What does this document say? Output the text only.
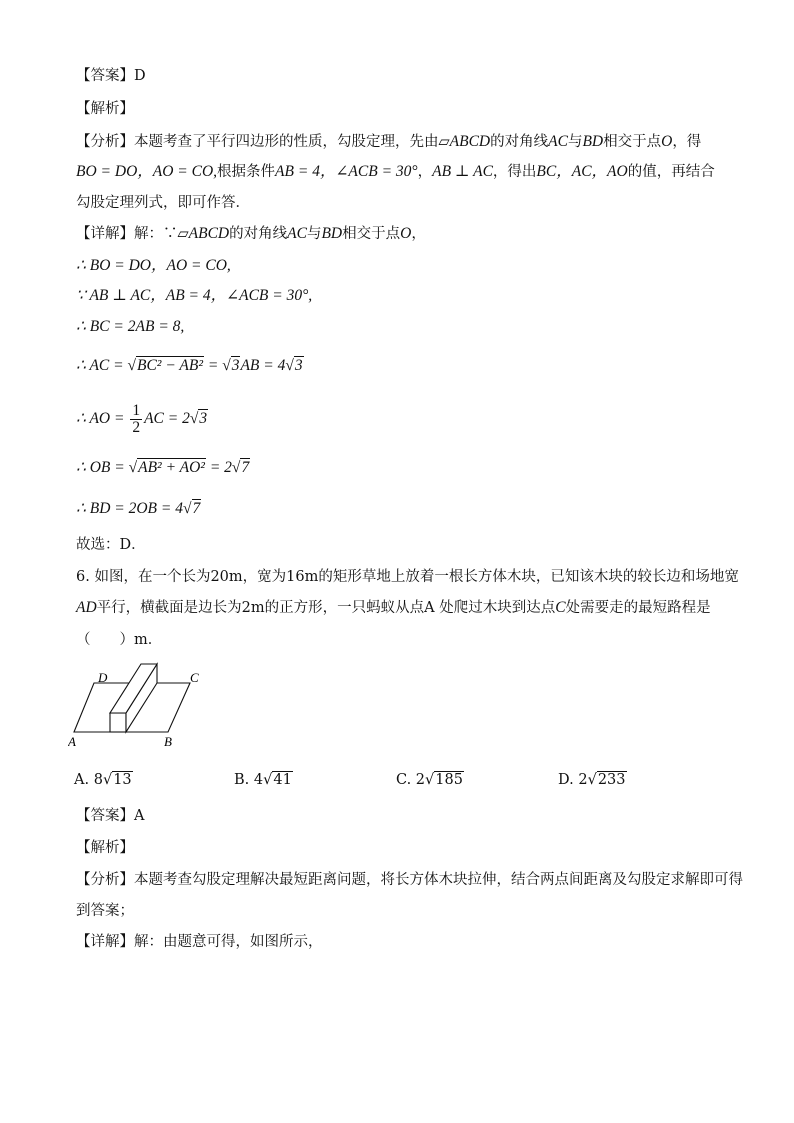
【答案】D

【解析】

【分析】本题考查了平行四边形的性质，勾股定理，先由▱ABCD的对角线AC与BD相交于点O，得

BO = DO，AO = CO,根据条件AB = 4，∠ACB = 30°，AB ⊥ AC，得出BC，AC，AO的值，再结合

勾股定理列式，即可作答．

【详解】解：∵▱ABCD的对角线AC与BD相交于点O，

∴ BO = DO，AO = CO,

∵ AB ⊥ AC，AB = 4，∠ACB = 30°,

∴ BC = 2AB = 8,

∴ AC = √BC² − AB² = √3AB = 4√3

∴ AO = $\frac{1}{2}$ AC = 2√3

∴ OB = √AB² + AO² = 2√7

∴ BD = 2OB = 4√7

故选：D．

6. 如图，在一个长为20m，宽为16m的矩形草地上放着一根长方体木块，已知该木块的较长边和场地宽

AD平行，横截面是边长为2m的正方形，一只蚂蚁从点A 处爬过木块到达点C处需要走的最短路程是

（　　）m．

A	B
C
D
A. 8√13	B. 4√41	C. 2√185	D. 2√233

【答案】A

【解析】

【分析】本题考查勾股定理解决最短距离问题，将长方体木块拉伸，结合两点间距离及勾股定求解即可得

到答案；

【详解】解：由题意可得，如图所示，
